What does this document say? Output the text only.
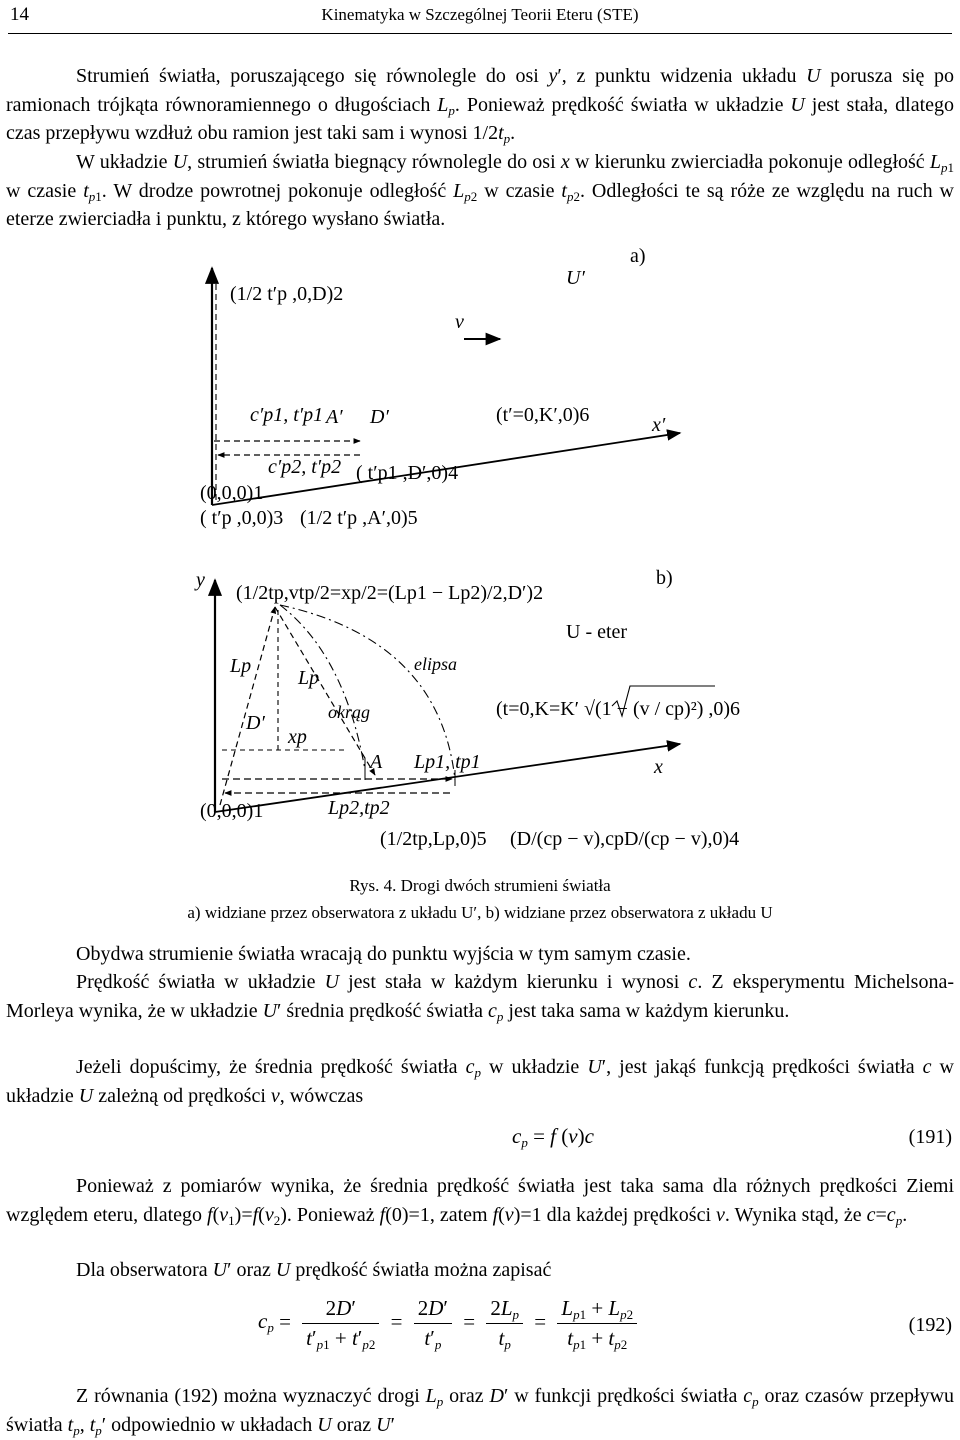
14	Kinematyka w Szczególnej Teorii Eteru (STE)

Strumień światła, poruszającego się równolegle do osi y′, z punktu widzenia układu U porusza się po ramionach trójkąta równoramiennego o długościach $L_p$. Ponieważ prędkość światła w układzie U jest stała, dlatego czas przepływu wzdłuż obu ramion jest taki sam i wynosi $1/2t_p$.

W układzie U, strumień światła biegnący równolegle do osi x w kierunku zwierciadła pokonuje odległość $L_{p1}$ w czasie $t_{p1}$. W drodze powrotnej pokonuje odległość $L_{p2}$ w czasie $t_{p2}$. Odległości te są róże ze względu na ruch w eterze zwierciadła i punktu, z którego wysłano światła.

a)
U′
(1/2 t′p ,0,D)2
v
c′p1, t′p1 A′ D′	(t′=0,K′,0)6	x′
c′p2, t′p2 ( t′p1 ,D′,0)4
(0,0,0)1
( t′p ,0,0)3 (1/2 t′p ,A′,0)5
b)
y
(1/2tp,vtp/2=xp/2=(Lp1 − Lp2)/2,D′)2
U - eter
Lp
Lp
elipsa
okrąg
D′
xp
(t=0,K=K′ √(1 − (v / cp)²) ,0)6
A Lp1, tp1	x
(0,0,0)1	Lp2,tp2
(1/2tp,Lp,0)5 (D/(cp − v),cpD/(cp − v),0)4
Rys. 4. Drogi dwóch strumieni światła
a) widziane przez obserwatora z układu U′, b) widziane przez obserwatora z układu U

Obydwa strumienie światła wracają do punktu wyjścia w tym samym czasie.

Prędkość światła w układzie U jest stała w każdym kierunku i wynosi c. Z eksperymentu Michelsona-Morleya wynika, że w układzie U′ średnia prędkość światła $c_p$ jest taka sama w każdym kierunku.

Jeżeli dopuścimy, że średnia prędkość światła $c_p$ w układzie U′, jest jakąś funkcją prędkości światła c w układzie U zależną od prędkości v, wówczas

$c_p = f$ (v)c	(191)

Ponieważ z pomiarów wynika, że średnia prędkość światła jest taka sama dla różnych prędkości Ziemi względem eteru, dlatego $f(v_1)=f(v_2)$. Ponieważ f(0)=1, zatem f(v)=1 dla każdej prędkości v. Wynika stąd, że $c=c_p$.

Dla obserwatora U′ oraz U prędkość światła można zapisać

$c_p = \frac{2D'}{t'_{p1} + t'_{p2}} = \frac{2D'}{t'_p} = \frac{2L_p}{t_p} = \frac{L_{p1} + L_{p2}}{t_{p1} + t_{p2}}$	(192)

Z równania (192) można wyznaczyć drogi $L_p$ oraz D′ w funkcji prędkości światła $c_p$ oraz czasów przepływu światła $t_p$, $t_p'$ odpowiednio w układach U oraz U′
